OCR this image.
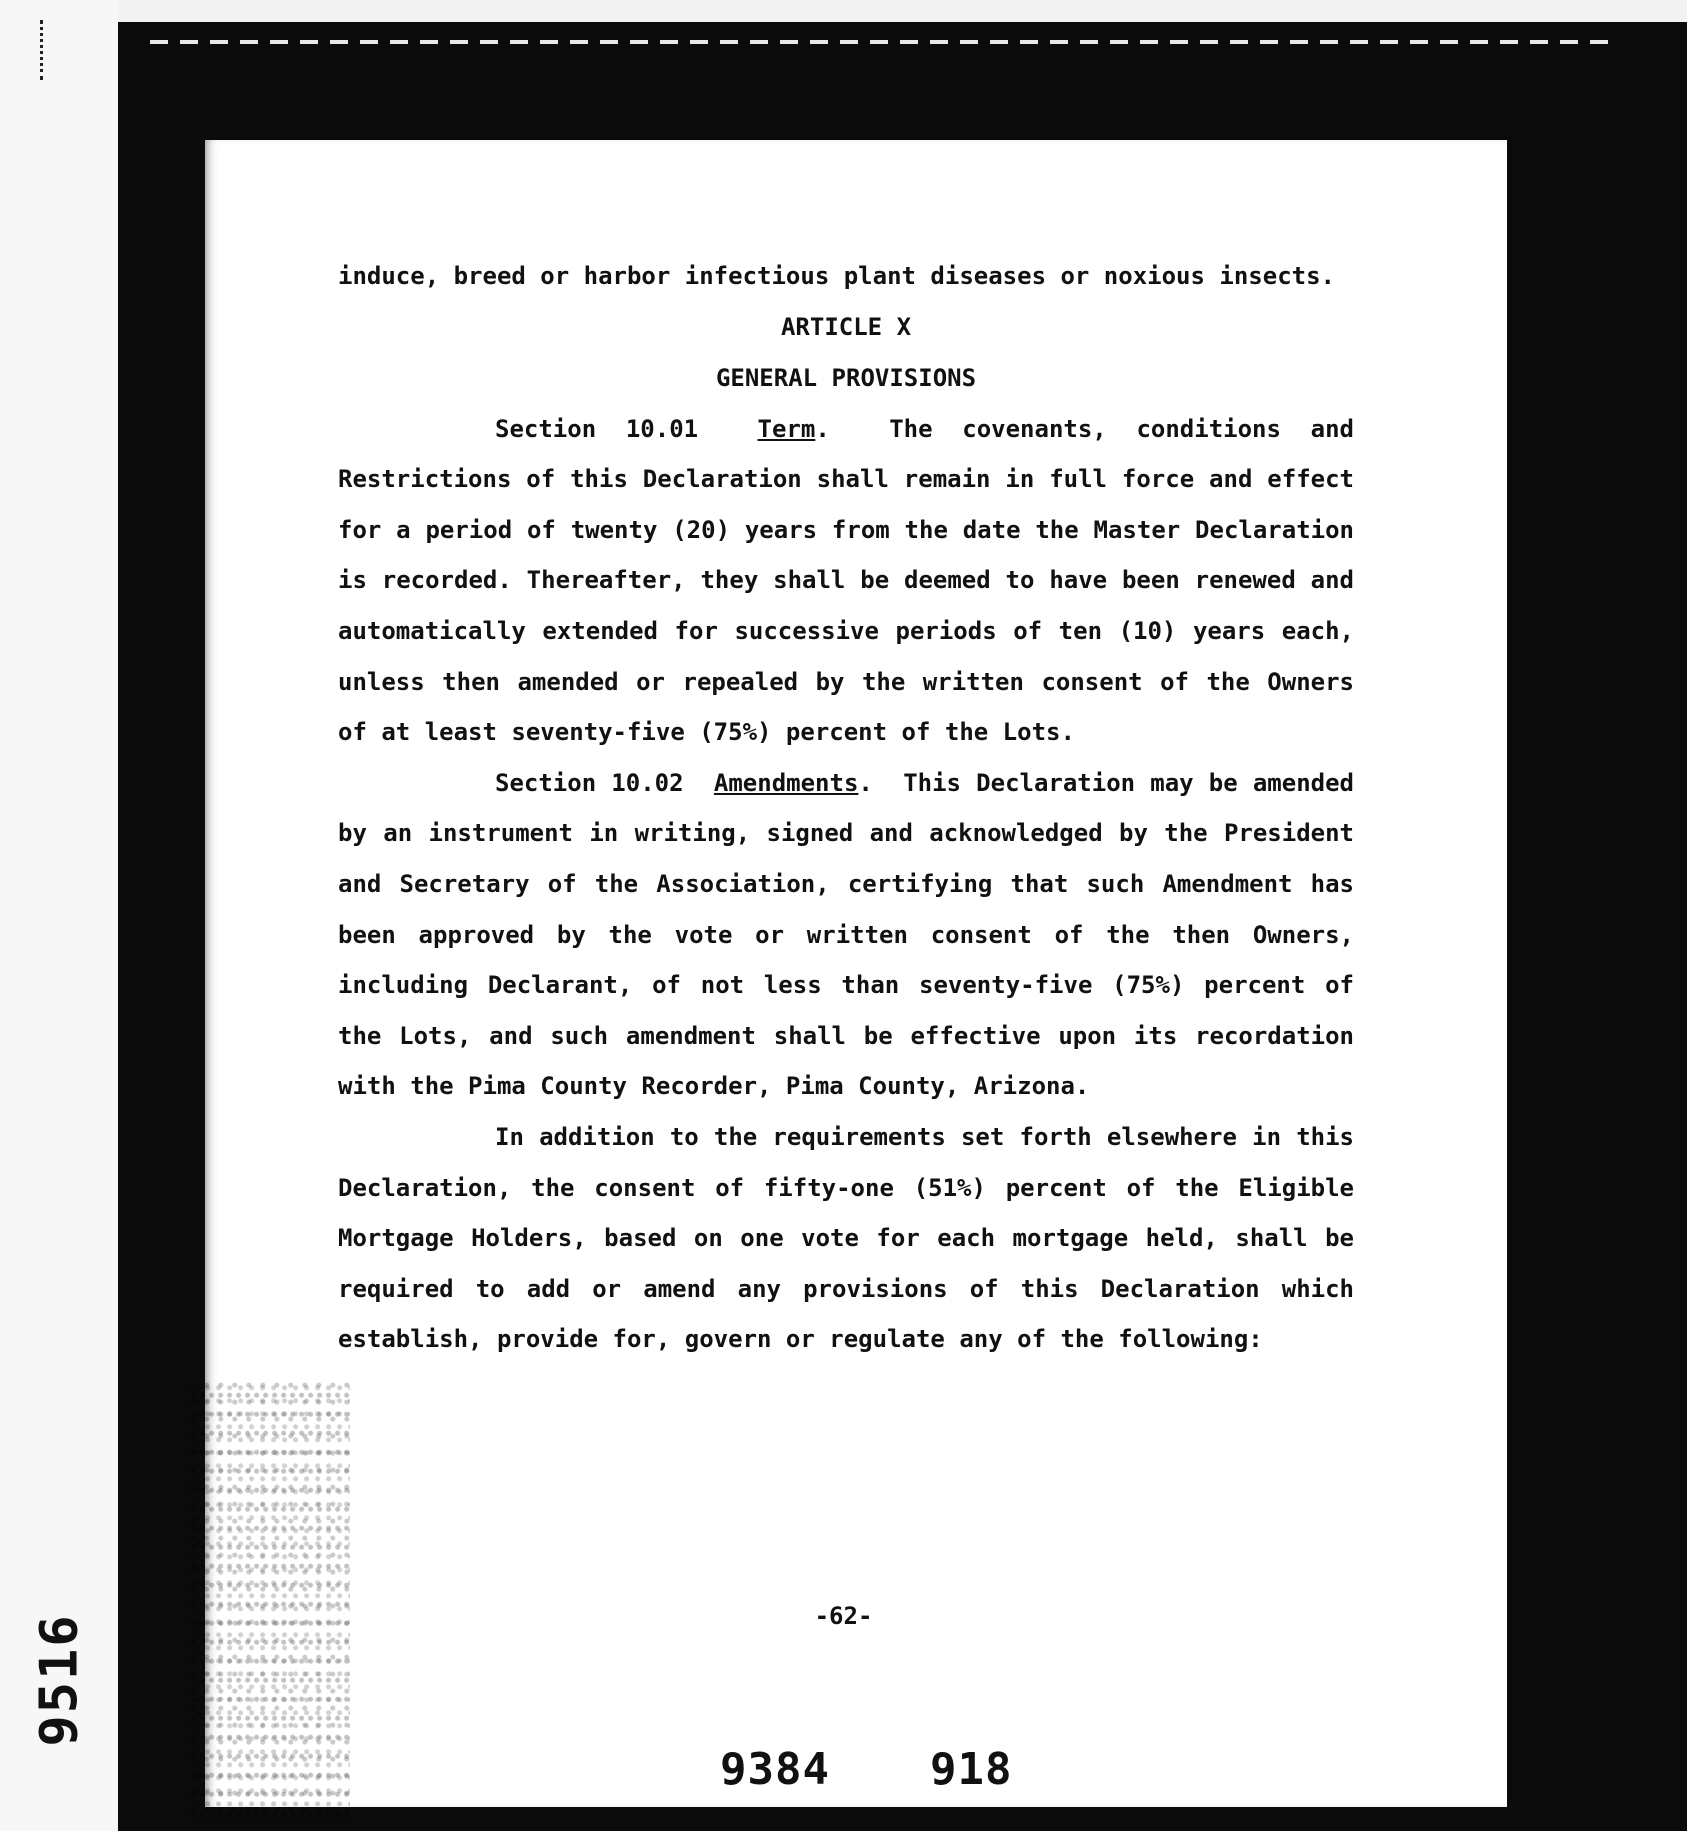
9516

induce, breed or harbor infectious plant diseases or noxious insects.

ARTICLE X

GENERAL PROVISIONS

Section 10.01 Term. The covenants, conditions and Restrictions of this Declaration shall remain in full force and effect for a period of twenty (20) years from the date the Master Declaration is recorded. Thereafter, they shall be deemed to have been renewed and automatically extended for successive periods of ten (10) years each, unless then amended or repealed by the written consent of the Owners of at least seventy-five (75%) percent of the Lots.

Section 10.02 Amendments. This Declaration may be amended by an instrument in writing, signed and acknowledged by the President and Secretary of the Association, certifying that such Amendment has been approved by the vote or written consent of the then Owners, including Declarant, of not less than seventy-five (75%) percent of the Lots, and such amendment shall be effective upon its recordation with the Pima County Recorder, Pima County, Arizona.

In addition to the requirements set forth elsewhere in this Declaration, the consent of fifty-one (51%) percent of the Eligible Mortgage Holders, based on one vote for each mortgage held, shall be required to add or amend any provisions of this Declaration which establish, provide for, govern or regulate any of the following:

-62-
9384 918
